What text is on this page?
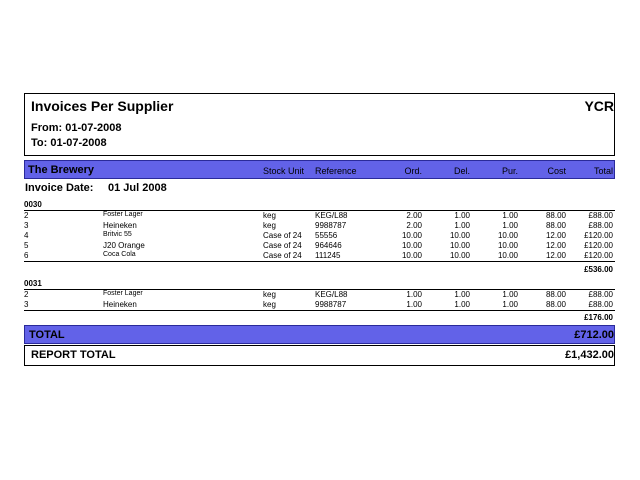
Invoices Per Supplier	YCR
From: 01-07-2008
To: 01-07-2008
The Brewery	Stock Unit Reference	Ord.	Del.	Pur.	Cost	Total
Invoice Date: 01 Jul 2008
0030
2	Foster Lager	keg	KEG/L88	2.00	1.00	1.00	88.00	£88.00
3	Heineken	keg	9988787	2.00	1.00	1.00	88.00	£88.00
4	Britvic 55	Case of 24 55556	10.00	10.00	10.00	12.00	£120.00
5	J20 Orange	Case of 24 964646	10.00	10.00	10.00	12.00	£120.00
6	Coca Cola	Case of 24 111245	10.00	10.00	10.00	12.00	£120.00
£536.00
0031
2	Foster Lager	keg	KEG/L88	1.00	1.00	1.00	88.00	£88.00
3	Heineken	keg	9988787	1.00	1.00	1.00	88.00	£88.00
£176.00
TOTAL	£712.00
REPORT TOTAL	£1,432.00
